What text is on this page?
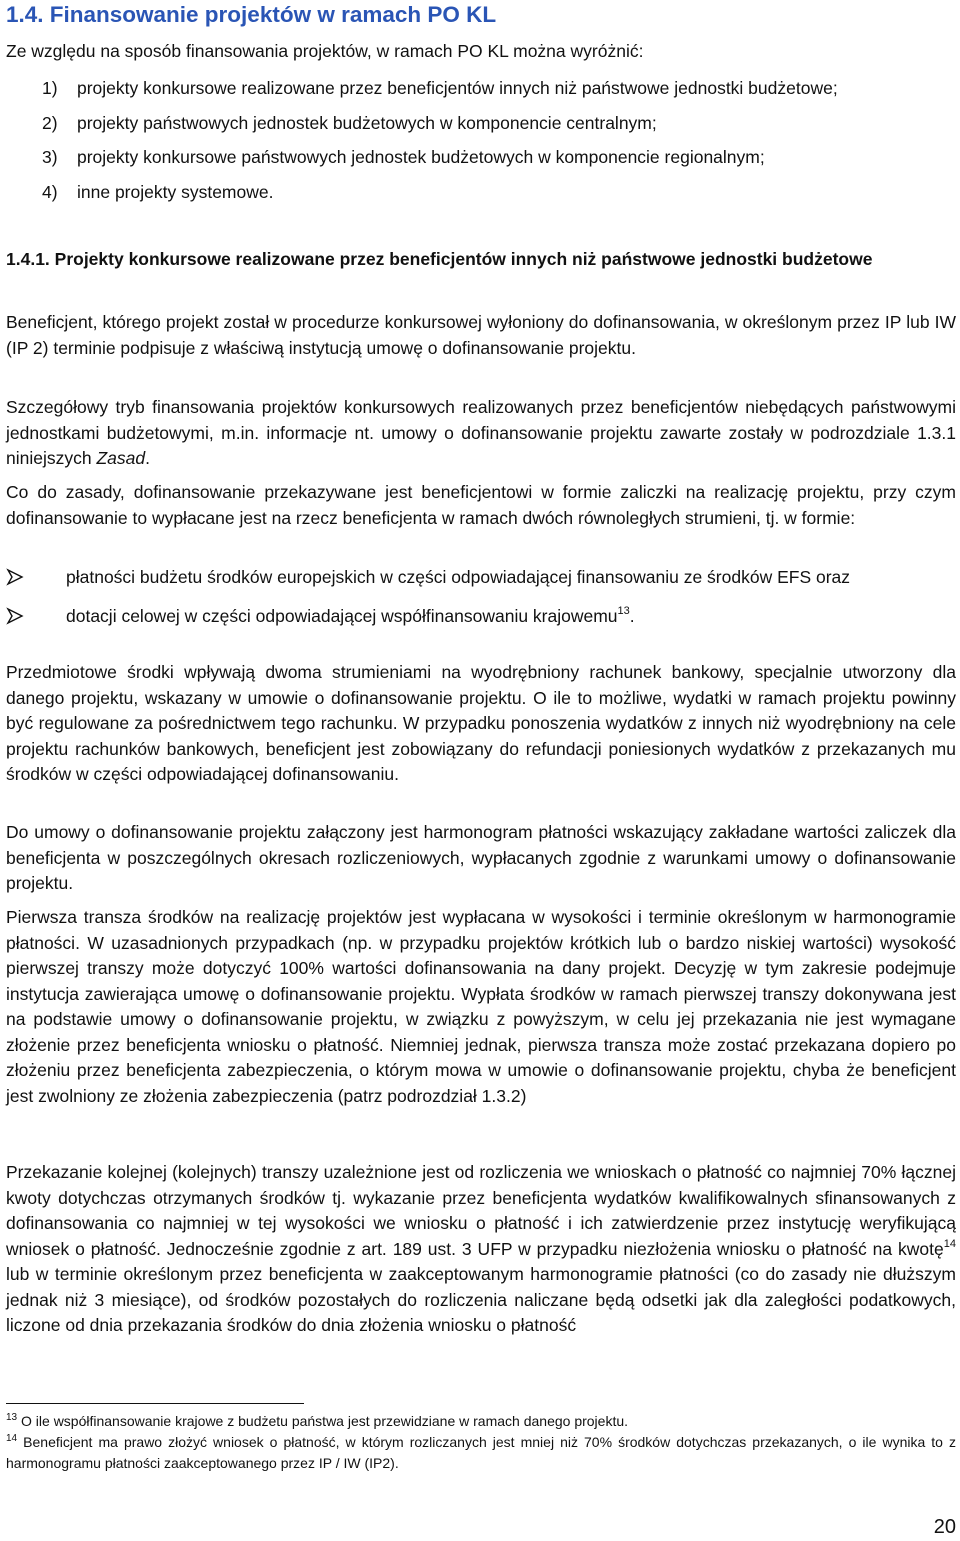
1.4. Finansowanie projektów w ramach PO KL

Ze względu na sposób finansowania projektów, w ramach PO KL można wyróżnić:

1) projekty konkursowe realizowane przez beneficjentów innych niż państwowe jednostki budżetowe;
2) projekty państwowych jednostek budżetowych w komponencie centralnym;
3) projekty konkursowe państwowych jednostek budżetowych w komponencie regionalnym;
4) inne projekty systemowe.
1.4.1. Projekty konkursowe realizowane przez beneficjentów innych niż państwowe jednostki budżetowe

Beneficjent, którego projekt został w procedurze konkursowej wyłoniony do dofinansowania, w określonym przez IP lub IW (IP 2) terminie podpisuje z właściwą instytucją umowę o dofinansowanie projektu.

Szczegółowy tryb finansowania projektów konkursowych realizowanych przez beneficjentów niebędących państwowymi jednostkami budżetowymi, m.in. informacje nt. umowy o dofinansowanie projektu zawarte zostały w podrozdziale 1.3.1 niniejszych Zasad.

Co do zasady, dofinansowanie przekazywane jest beneficjentowi w formie zaliczki na realizację projektu, przy czym dofinansowanie to wypłacane jest na rzecz beneficjenta w ramach dwóch równoległych strumieni, tj. w formie:

płatności budżetu środków europejskich w części odpowiadającej finansowaniu ze środków EFS oraz
dotacji celowej w części odpowiadającej współfinansowaniu krajowemu$^{13}$.

Przedmiotowe środki wpływają dwoma strumieniami na wyodrębniony rachunek bankowy, specjalnie utworzony dla danego projektu, wskazany w umowie o dofinansowanie projektu. O ile to możliwe, wydatki w ramach projektu powinny być regulowane za pośrednictwem tego rachunku. W przypadku ponoszenia wydatków z innych niż wyodrębniony na cele projektu rachunków bankowych, beneficjent jest zobowiązany do refundacji poniesionych wydatków z przekazanych mu środków w części odpowiadającej dofinansowaniu.

Do umowy o dofinansowanie projektu załączony jest harmonogram płatności wskazujący zakładane wartości zaliczek dla beneficjenta w poszczególnych okresach rozliczeniowych, wypłacanych zgodnie z warunkami umowy o dofinansowanie projektu.

Pierwsza transza środków na realizację projektów jest wypłacana w wysokości i terminie określonym w harmonogramie płatności. W uzasadnionych przypadkach (np. w przypadku projektów krótkich lub o bardzo niskiej wartości) wysokość pierwszej transzy może dotyczyć 100% wartości dofinansowania na dany projekt. Decyzję w tym zakresie podejmuje instytucja zawierająca umowę o dofinansowanie projektu. Wypłata środków w ramach pierwszej transzy dokonywana jest na podstawie umowy o dofinansowanie projektu, w związku z powyższym, w celu jej przekazania nie jest wymagane złożenie przez beneficjenta wniosku o płatność. Niemniej jednak, pierwsza transza może zostać przekazana dopiero po złożeniu przez beneficjenta zabezpieczenia, o którym mowa w umowie o dofinansowanie projektu, chyba że beneficjent jest zwolniony ze złożenia zabezpieczenia (patrz podrozdział 1.3.2)

Przekazanie kolejnej (kolejnych) transzy uzależnione jest od rozliczenia we wnioskach o płatność co najmniej 70% łącznej kwoty dotychczas otrzymanych środków tj. wykazanie przez beneficjenta wydatków kwalifikowalnych sfinansowanych z dofinansowania co najmniej w tej wysokości we wniosku o płatność i ich zatwierdzenie przez instytucję weryfikującą wniosek o płatność. Jednocześnie zgodnie z art. 189 ust. 3 UFP w przypadku niezłożenia wniosku o płatność na kwotę$^{14}$ lub w terminie określonym przez beneficjenta w zaakceptowanym harmonogramie płatności (co do zasady nie dłuższym jednak niż 3 miesiące), od środków pozostałych do rozliczenia naliczane będą odsetki jak dla zaległości podatkowych, liczone od dnia przekazania środków do dnia złożenia wniosku o płatność

$^{13}$ O ile współfinansowanie krajowe z budżetu państwa jest przewidziane w ramach danego projektu.
$^{14}$ Beneficjent ma prawo złożyć wniosek o płatność, w którym rozliczanych jest mniej niż 70% środków dotychczas przekazanych, o ile wynika to z harmonogramu płatności zaakceptowanego przez IP / IW (IP2).
20
